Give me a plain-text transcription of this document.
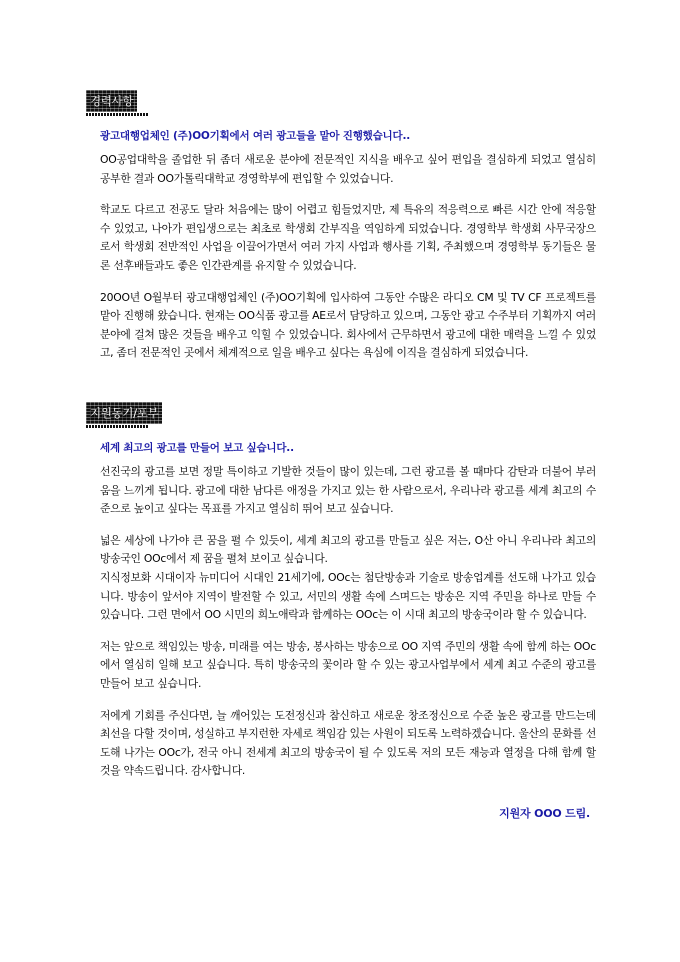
경력사항
광고대행업체인 (주)OO기획에서 여러 광고들을 맡아 진행했습니다..

OO공업대학을 졸업한 뒤 좀더 새로운 분야에 전문적인 지식을 배우고 싶어 편입을 결심하게 되었고 열심히 공부한 결과 OO가톨릭대학교 경영학부에 편입할 수 있었습니다.

학교도 다르고 전공도 달라 처음에는 많이 어렵고 힘들었지만, 제 특유의 적응력으로 빠른 시간 안에 적응할 수 있었고, 나아가 편입생으로는 최초로 학생회 간부직을 역임하게 되었습니다. 경영학부 학생회 사무국장으로서 학생회 전반적인 사업을 이끌어가면서 여러 가지 사업과 행사를 기획, 주최했으며 경영학부 동기들은 물론 선후배들과도 좋은 인간관계를 유지할 수 있었습니다.

20OO년 O월부터 광고대행업체인 (주)OO기획에 입사하여 그동안 수많은 라디오 CM 및 TV CF 프로젝트를 맡아 진행해 왔습니다. 현재는 OO식품 광고를 AE로서 담당하고 있으며, 그동안 광고 수주부터 기획까지 여러 분야에 걸쳐 많은 것들을 배우고 익힐 수 있었습니다. 회사에서 근무하면서 광고에 대한 매력을 느낄 수 있었고, 좀더 전문적인 곳에서 체계적으로 일을 배우고 싶다는 욕심에 이직을 결심하게 되었습니다.

지원동기/포부
세계 최고의 광고를 만들어 보고 싶습니다..

선진국의 광고를 보면 정말 특이하고 기발한 것들이 많이 있는데, 그런 광고를 볼 때마다 감탄과 더불어 부러움을 느끼게 됩니다. 광고에 대한 남다른 애정을 가지고 있는 한 사람으로서, 우리나라 광고를 세계 최고의 수준으로 높이고 싶다는 목표를 가지고 열심히 뛰어 보고 싶습니다.

넓은 세상에 나가야 큰 꿈을 펼 수 있듯이, 세계 최고의 광고를 만들고 싶은 저는, O산 아니 우리나라 최고의 방송국인 OOc에서 제 꿈을 펼쳐 보이고 싶습니다.
지식정보화 시대이자 뉴미디어 시대인 21세기에, OOc는 첨단방송과 기술로 방송업계를 선도해 나가고 있습니다. 방송이 앞서야 지역이 발전할 수 있고, 서민의 생활 속에 스며드는 방송은 지역 주민을 하나로 만들 수 있습니다. 그런 면에서 OO 시민의 희노애락과 함께하는 OOc는 이 시대 최고의 방송국이라 할 수 있습니다.

저는 앞으로 책임있는 방송, 미래를 여는 방송, 봉사하는 방송으로 OO 지역 주민의 생활 속에 함께 하는 OOc에서 열심히 일해 보고 싶습니다. 특히 방송국의 꽃이라 할 수 있는 광고사업부에서 세계 최고 수준의 광고를 만들어 보고 싶습니다.

저에게 기회를 주신다면, 늘 깨어있는 도전정신과 참신하고 새로운 창조정신으로 수준 높은 광고를 만드는데 최선을 다할 것이며, 성실하고 부지런한 자세로 책임감 있는 사원이 되도록 노력하겠습니다. 울산의 문화를 선도해 나가는 OOc가, 전국 아니 전세계 최고의 방송국이 될 수 있도록 저의 모든 재능과 열정을 다해 함께 할 것을 약속드립니다. 감사합니다.

지원자 OOO 드림.
